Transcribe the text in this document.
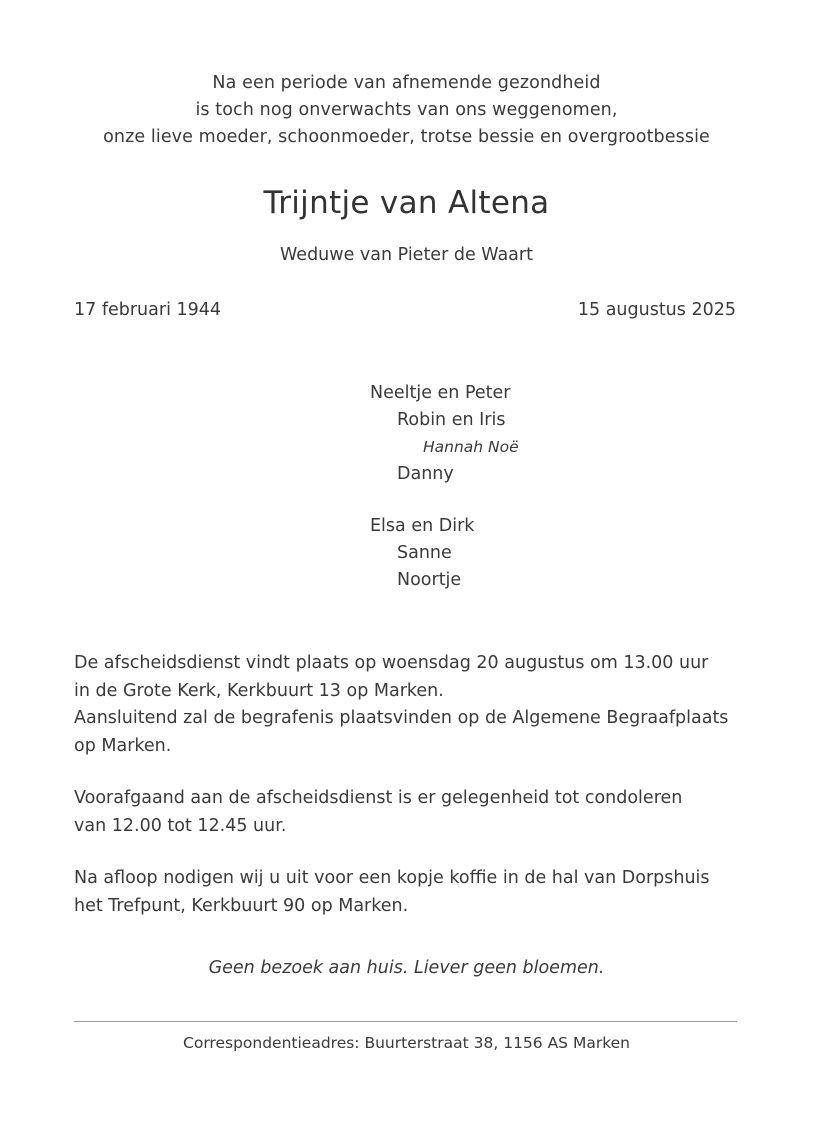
Na een periode van afnemende gezondheid
is toch nog onverwachts van ons weggenomen,
onze lieve moeder, schoonmoeder, trotse bessie en overgrootbessie
Trijntje van Altena
Weduwe van Pieter de Waart
17 februari 1944	15 augustus 2025
Neeltje en Peter
Robin en Iris
Hannah Noë
Danny
Elsa en Dirk
Sanne
Noortje

De afscheidsdienst vindt plaats op woensdag 20 augustus om 13.00 uur
in de Grote Kerk, Kerkbuurt 13 op Marken.
Aansluitend zal de begrafenis plaatsvinden op de Algemene Begraafplaats
op Marken.

Voorafgaand aan de afscheidsdienst is er gelegenheid tot condoleren
van 12.00 tot 12.45 uur.

Na afloop nodigen wij u uit voor een kopje koffie in de hal van Dorpshuis
het Trefpunt, Kerkbuurt 90 op Marken.

Geen bezoek aan huis. Liever geen bloemen.
Correspondentieadres: Buurterstraat 38, 1156 AS Marken
